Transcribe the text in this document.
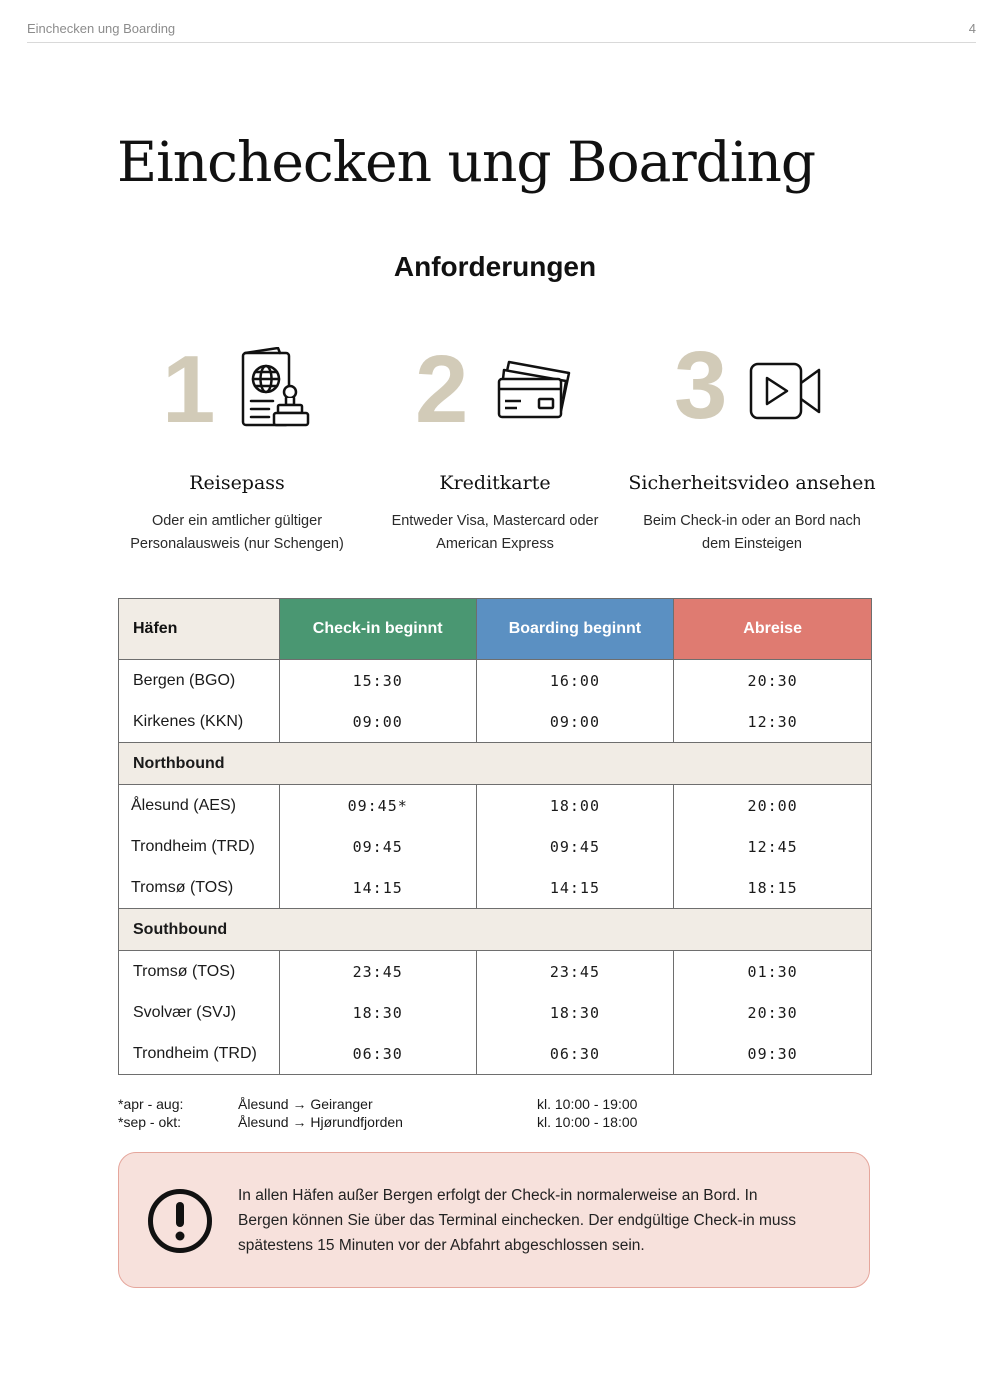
Einchecken ung Boarding	4
Einchecken ung Boarding
Anforderungen
1
Reisepass
Oder ein amtlicher gültiger
Personalausweis (nur Schengen)
2
Kreditkarte
Entweder Visa, Mastercard oder
American Express
3
Sicherheitsvideo ansehen
Beim Check-in oder an Bord nach
dem Einsteigen
Häfen	Check-in beginnt	Boarding beginnt	Abreise
Bergen (BGO)	15:30	16:00	20:30
Kirkenes (KKN)	09:00	09:00	12:30
Northbound			
Ålesund (AES)	09:45*	18:00	20:00
Trondheim (TRD)	09:45	09:45	12:45
Tromsø (TOS)	14:15	14:15	18:15
Southbound			
Tromsø (TOS)	23:45	23:45	01:30
Svolvær (SVJ)	18:30	18:30	20:30
Trondheim (TRD)	06:30	06:30	09:30
*apr - aug:	Ålesund → Geiranger	kl. 10:00 - 19:00
*sep - okt:	Ålesund → Hjørundfjorden	kl. 10:00 - 18:00
In allen Häfen außer Bergen erfolgt der Check-in normalerweise an Bord. In
Bergen können Sie über das Terminal einchecken. Der endgültige Check-in muss
spätestens 15 Minuten vor der Abfahrt abgeschlossen sein.
